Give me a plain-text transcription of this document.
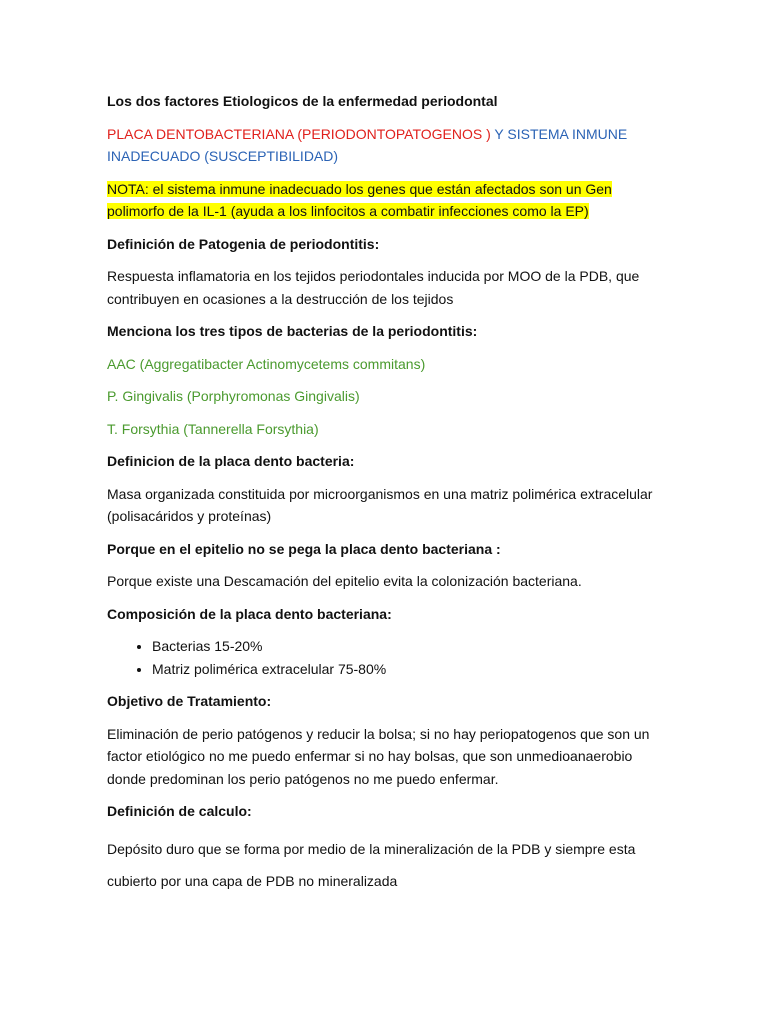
Los dos factores Etiologicos de la enfermedad periodontal

PLACA DENTOBACTERIANA (PERIODONTOPATOGENOS ) Y SISTEMA INMUNE INADECUADO (SUSCEPTIBILIDAD)

NOTA: el sistema inmune inadecuado los genes que están afectados son un Gen polimorfo de la IL-1 (ayuda a los linfocitos a combatir infecciones como la EP)

Definición de Patogenia de periodontitis:

Respuesta inflamatoria en los tejidos periodontales inducida por MOO de la PDB, que contribuyen en ocasiones a la destrucción de los tejidos

Menciona los tres tipos de bacterias de la periodontitis:

AAC (Aggregatibacter Actinomycetems commitans)

P. Gingivalis (Porphyromonas Gingivalis)

T. Forsythia (Tannerella Forsythia)

Definicion de la placa dento bacteria:

Masa organizada constituida por microorganismos en una matriz polimérica extracelular (polisacáridos y proteínas)

Porque en el epitelio no se pega la placa dento bacteriana :

Porque existe una Descamación del epitelio evita la colonización bacteriana.

Composición de la placa dento bacteriana:

• Bacterias 15-20%
• Matriz polimérica extracelular 75-80%

Objetivo de Tratamiento:

Eliminación de perio patógenos y reducir la bolsa; si no hay periopatogenos que son un factor etiológico no me puedo enfermar si no hay bolsas, que son unmedioanaerobio donde predominan los perio patógenos no me puedo enfermar.

Definición de calculo:

Depósito duro que se forma por medio de la mineralización de la PDB y siempre esta

cubierto por una capa de PDB no mineralizada
